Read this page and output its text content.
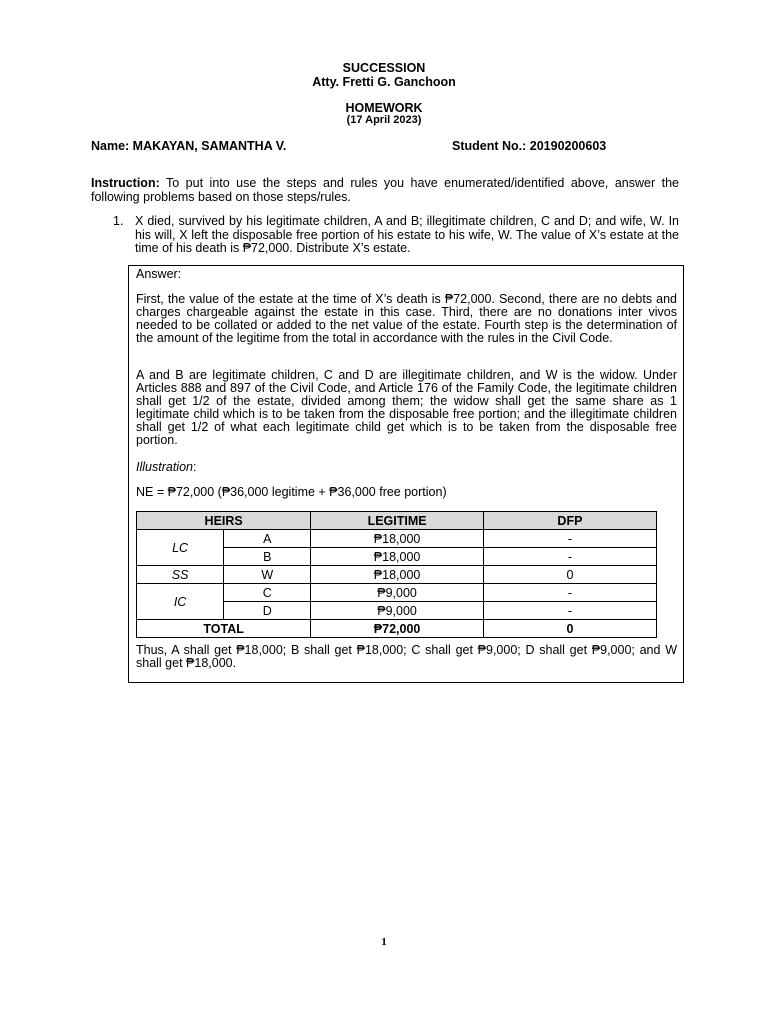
SUCCESSION
Atty. Fretti G. Ganchoon
HOMEWORK
(17 April 2023)
Name: MAKAYAN, SAMANTHA V.	Student No.: 20190200603
Instruction: To put into use the steps and rules you have enumerated/identified above, answer the following problems based on those steps/rules.
1. X died, survived by his legitimate children, A and B; illegitimate children, C and D; and wife, W. In his will, X left the disposable free portion of his estate to his wife, W. The value of X’s estate at the time of his death is ₱72,000. Distribute X’s estate.
Answer:

First, the value of the estate at the time of X’s death is ₱72,000. Second, there are no debts and charges chargeable against the estate in this case. Third, there are no donations inter vivos needed to be collated or added to the net value of the estate. Fourth step is the determination of the amount of the legitime from the total in accordance with the rules in the Civil Code.

A and B are legitimate children, C and D are illegitimate children, and W is the widow. Under Articles 888 and 897 of the Civil Code, and Article 176 of the Family Code, the legitimate children shall get 1/2 of the estate, divided among them; the widow shall get the same share as 1 legitimate child which is to be taken from the disposable free portion; and the illegitimate children shall get 1/2 of what each legitimate child get which is to be taken from the disposable free portion.

Illustration:
NE = ₱72,000 (₱36,000 legitime + ₱36,000 free portion)

Thus, A shall get ₱18,000; B shall get ₱18,000; C shall get ₱9,000; D shall get ₱9,000; and W shall get ₱18,000.

HEIRS		LEGITIME	DFP
LC	A	₱18,000	-
	B	₱18,000	-
SS	W	₱18,000	0
IC	C	₱9,000	-
	D	₱9,000	-
TOTAL		₱72,000	0
1
